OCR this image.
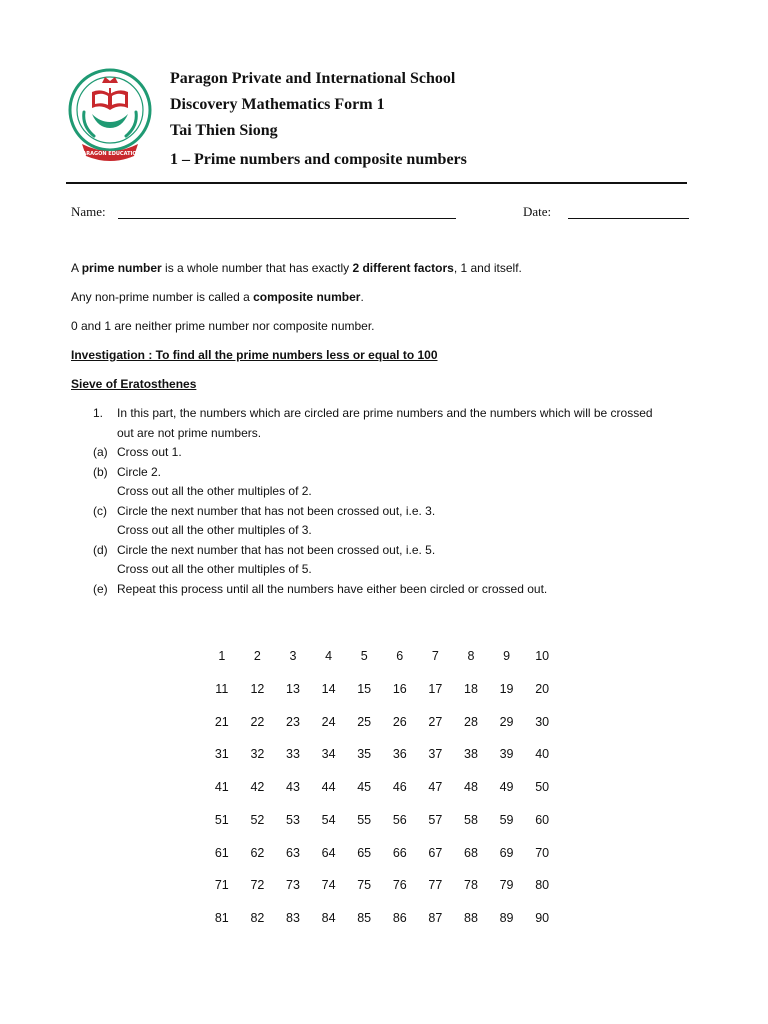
PARAGON EDUCATION
Paragon Private and International School
Discovery Mathematics Form 1
Tai Thien Siong
1 – Prime numbers and composite numbers
Name:	Date:
A prime number is a whole number that has exactly 2 different factors, 1 and itself.
Any non-prime number is called a composite number.
0 and 1 are neither prime number nor composite number.
Investigation : To find all the prime numbers less or equal to 100
Sieve of Eratosthenes
1.	In this part, the numbers which are circled are prime numbers and the numbers which will be crossed
out are not prime numbers.
(a) Cross out 1.
(b) Circle 2.
Cross out all the other multiples of 2.
(c) Circle the next number that has not been crossed out, i.e. 3.
Cross out all the other multiples of 3.
(d) Circle the next number that has not been crossed out, i.e. 5.
Cross out all the other multiples of 5.
(e) Repeat this process until all the numbers have either been circled or crossed out.
1	2	3	4	5	6	7	8	9	10
11	12	13	14	15	16	17	18	19	20
21	22	23	24	25	26	27	28	29	30
31	32	33	34	35	36	37	38	39	40
41	42	43	44	45	46	47	48	49	50
51	52	53	54	55	56	57	58	59	60
61	62	63	64	65	66	67	68	69	70
71	72	73	74	75	76	77	78	79	80
81	82	83	84	85	86	87	88	89	90
